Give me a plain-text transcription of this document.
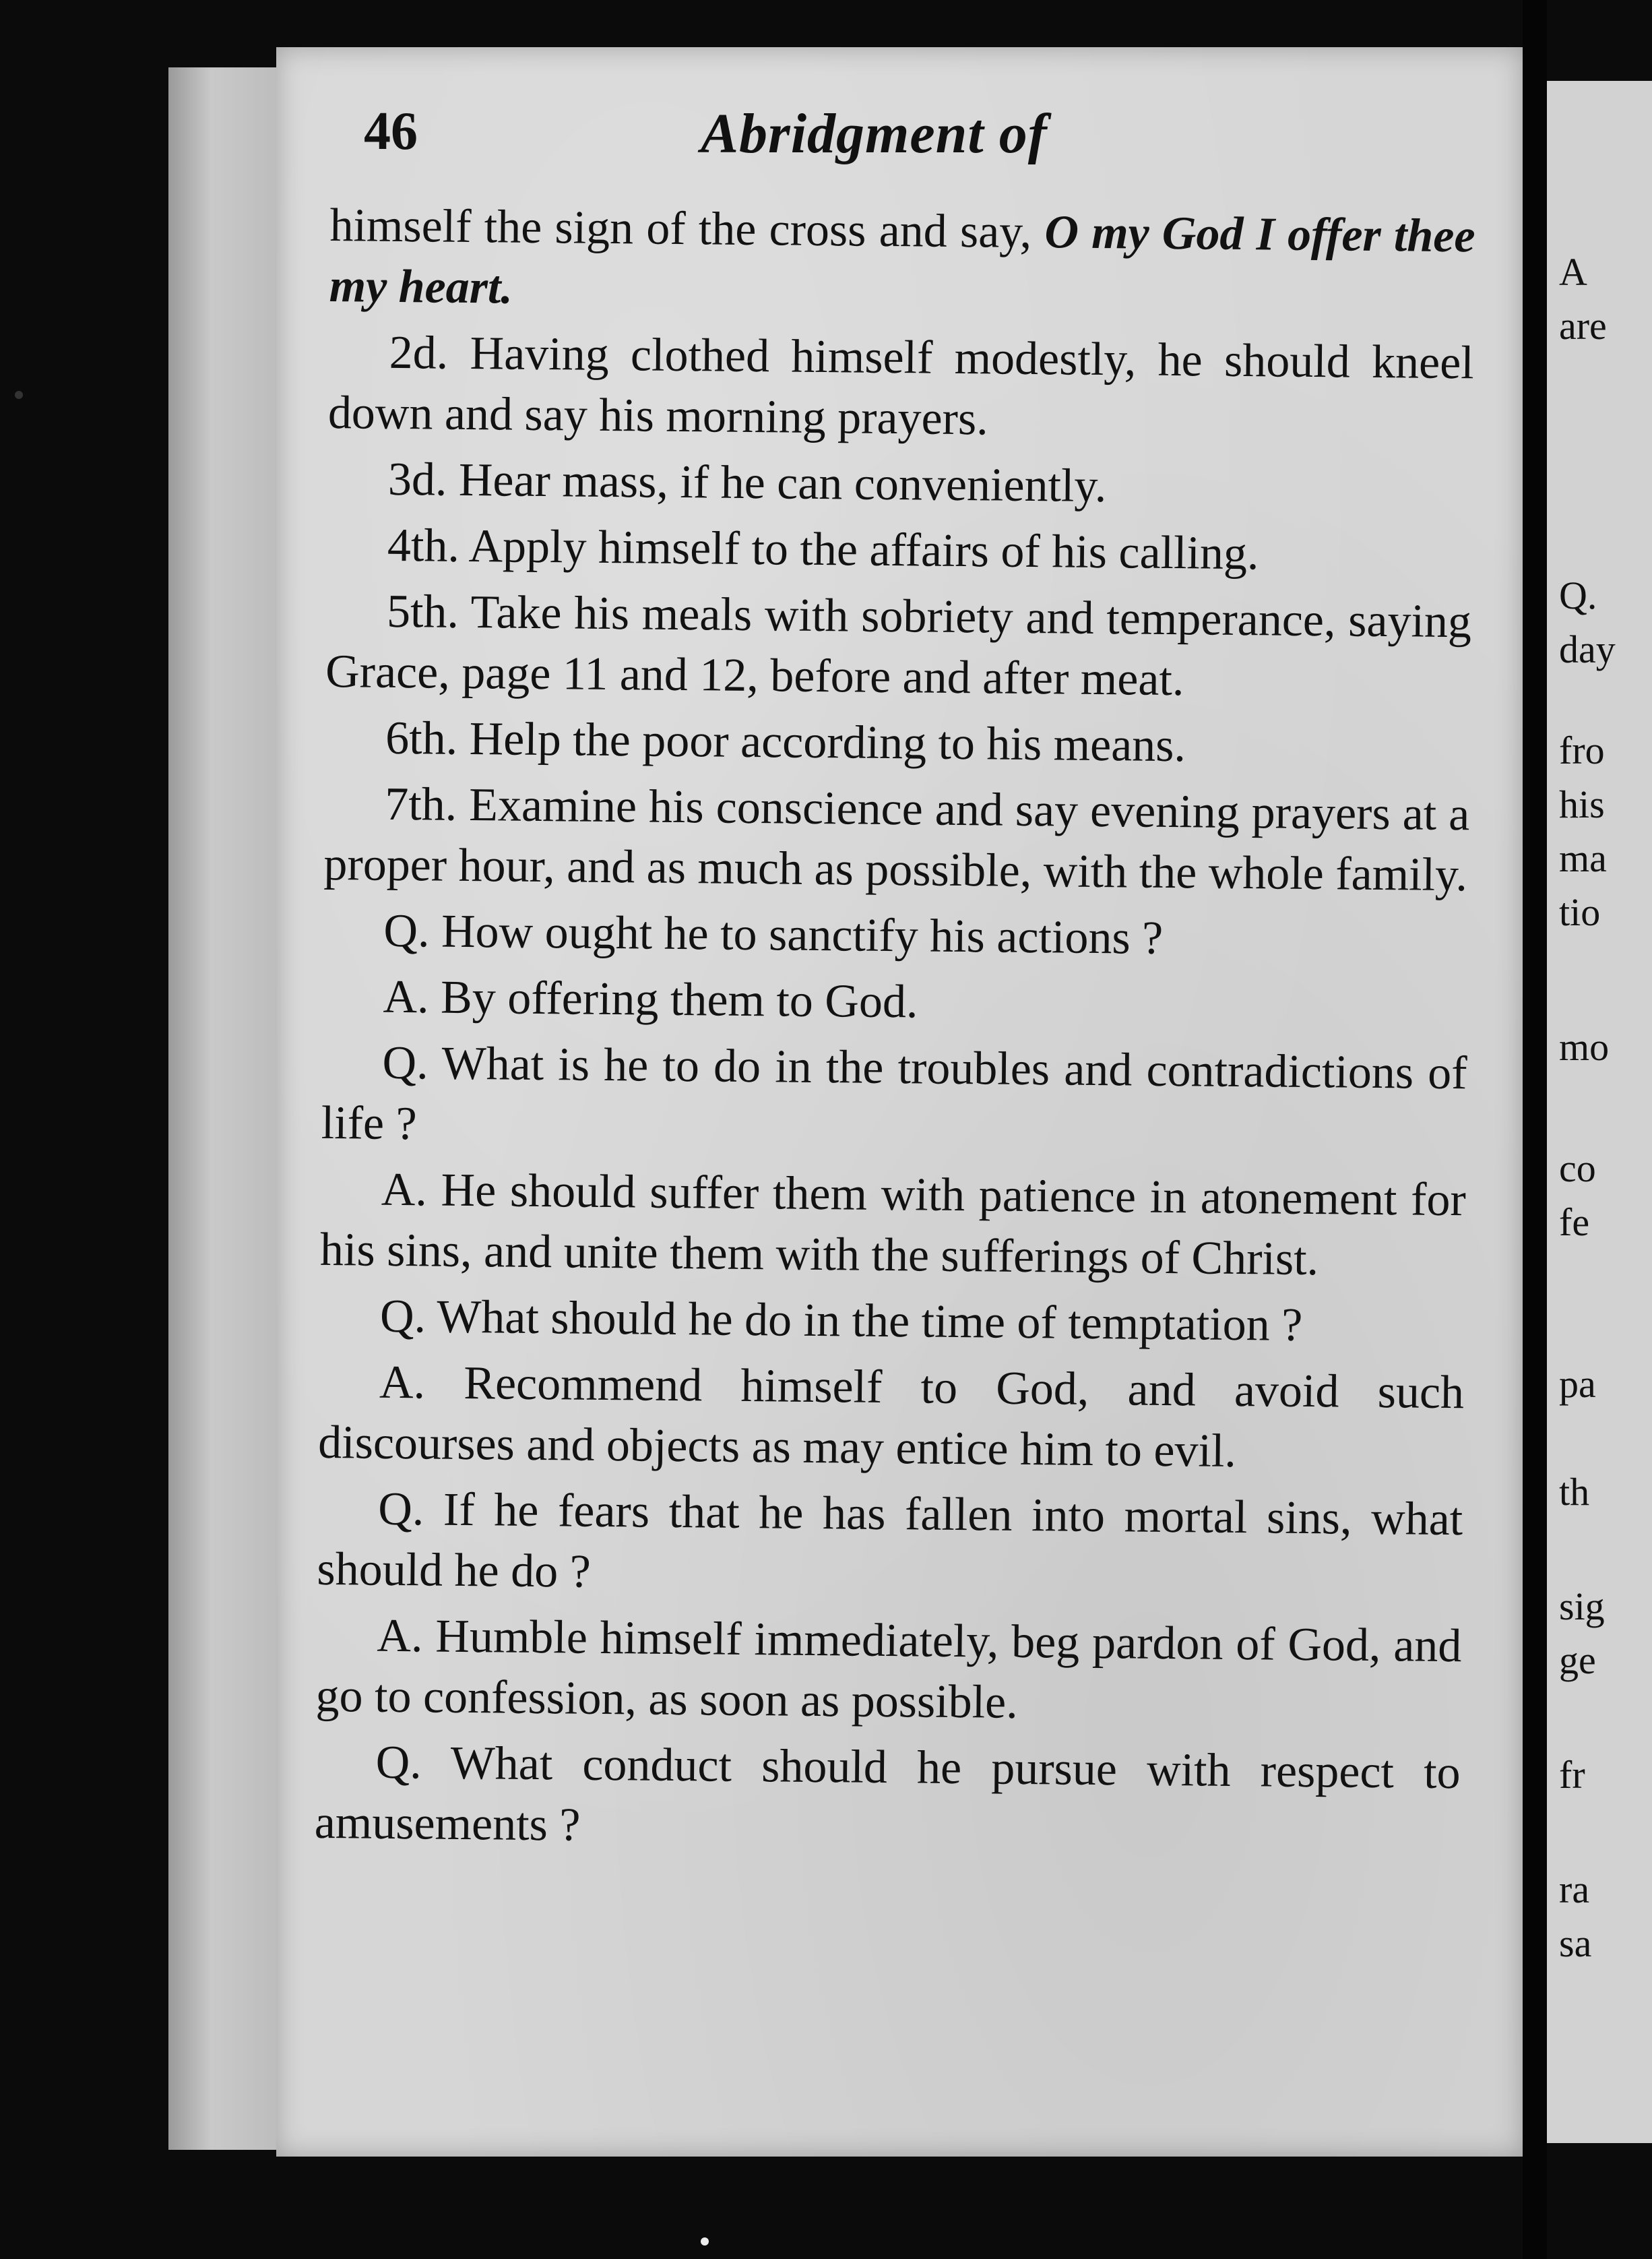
46	Abridgment of

himself the sign of the cross and say, O my God I offer thee my heart.

2d. Having clothed himself modestly, he should kneel down and say his morning prayers.

3d. Hear mass, if he can conveniently.

4th. Apply himself to the affairs of his calling.

5th. Take his meals with sobriety and temperance, saying Grace, page 11 and 12, before and after meat.

6th. Help the poor according to his means.

7th. Examine his conscience and say evening prayers at a proper hour, and as much as possible, with the whole family.

Q. How ought he to sanctify his actions ?

A. By offering them to God.

Q. What is he to do in the troubles and contradictions of life ?

A. He should suffer them with patience in atonement for his sins, and unite them with the sufferings of Christ.

Q. What should he do in the time of temptation ?

A. Recommend himself to God, and avoid such discourses and objects as may entice him to evil.

Q. If he fears that he has fallen into mortal sins, what should he do ?

A. Humble himself immediately, beg pardon of God, and go to confession, as soon as possible.

Q. What conduct should he pursue with respect to amusements ?

A
are
Q.
day
fro
his
ma
tio
mo
co
fe
pa
th
sig
ge
fr
ra
sa
